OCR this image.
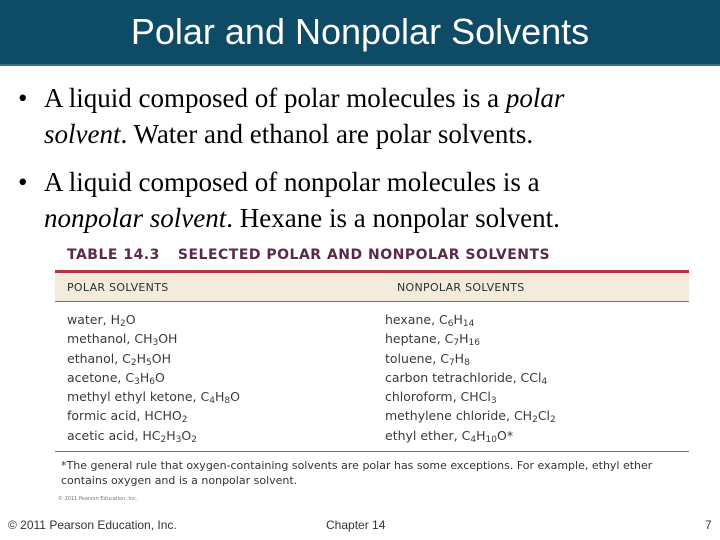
Polar and Nonpolar Solvents
• A liquid composed of polar molecules is a polar
solvent. Water and ethanol are polar solvents.
• A liquid composed of nonpolar molecules is a
nonpolar solvent. Hexane is a nonpolar solvent.
TABLE 14.3 SELECTED POLAR AND NONPOLAR SOLVENTS
POLAR SOLVENTS	NONPOLAR SOLVENTS
water, $H_2O$	hexane, $C_6H_{14}$
methanol, $CH_3OH$	heptane, $C_7H_{16}$
ethanol, $C_2H_5OH$	toluene, $C_7H_8$
acetone, $C_3H_6O$	carbon tetrachloride, CCl$_4$
methyl ethyl ketone, $C_4H_8O$	chloroform, CHCl$_3$
formic acid, $HCHO_2$	methylene chloride, $CH_2Cl_2$
acetic acid, $HC_2H_3O_2$	ethyl ether, $C_4H_{10}O*$
*The general rule that oxygen-containing solvents are polar has some exceptions. For example, ethyl ether contains oxygen and is a nonpolar solvent.
© 2011 Pearson Education, Inc.
© 2011 Pearson Education, Inc.	Chapter 14	7
